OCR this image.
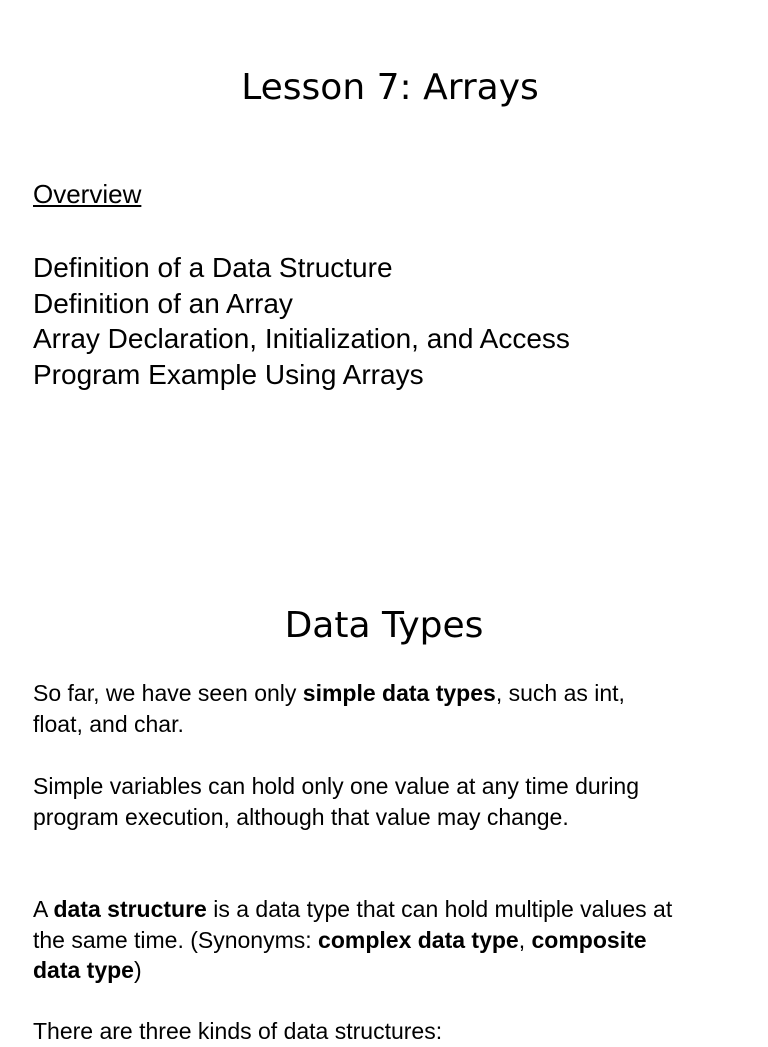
Lesson 7: Arrays

Overview

Definition of a Data Structure
Definition of an Array
Array Declaration, Initialization, and Access
Program Example Using Arrays
Data Types

So far, we have seen only simple data types, such as int, float, and char.

Simple variables can hold only one value at any time during program execution, although that value may change.

A data structure is a data type that can hold multiple values at the same time. (Synonyms: complex data type, composite data type)

There are three kinds of data structures:
